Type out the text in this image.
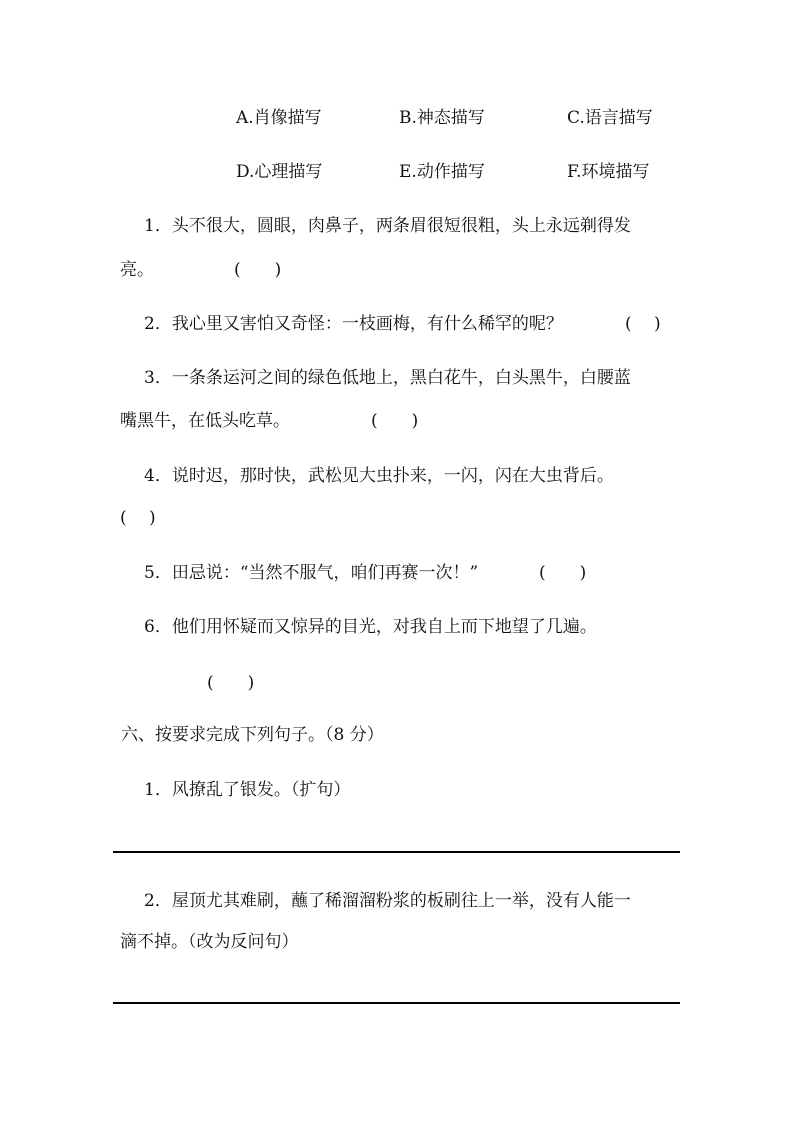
A.肖像描写	B.神态描写	C.语言描写
D.心理描写	E.动作描写	F.环境描写
1．头不很大，圆眼，肉鼻子，两条眉很短很粗，头上永远剃得发
亮。	(　　)
2．我心里又害怕又奇怪：一枝画梅，有什么稀罕的呢？	(　 )
3．一条条运河之间的绿色低地上，黑白花牛，白头黑牛，白腰蓝
嘴黑牛，在低头吃草。	(　　)
4．说时迟，那时快，武松见大虫扑来，一闪，闪在大虫背后。
(　 )
5．田忌说：“当然不服气，咱们再赛一次！”	(　　)
6．他们用怀疑而又惊异的目光，对我自上而下地望了几遍。
(　　)
六、按要求完成下列句子。（8 分）
1．风撩乱了银发。（扩句）
2．屋顶尤其难刷，蘸了稀溜溜粉浆的板刷往上一举，没有人能一
滴不掉。（改为反问句）
